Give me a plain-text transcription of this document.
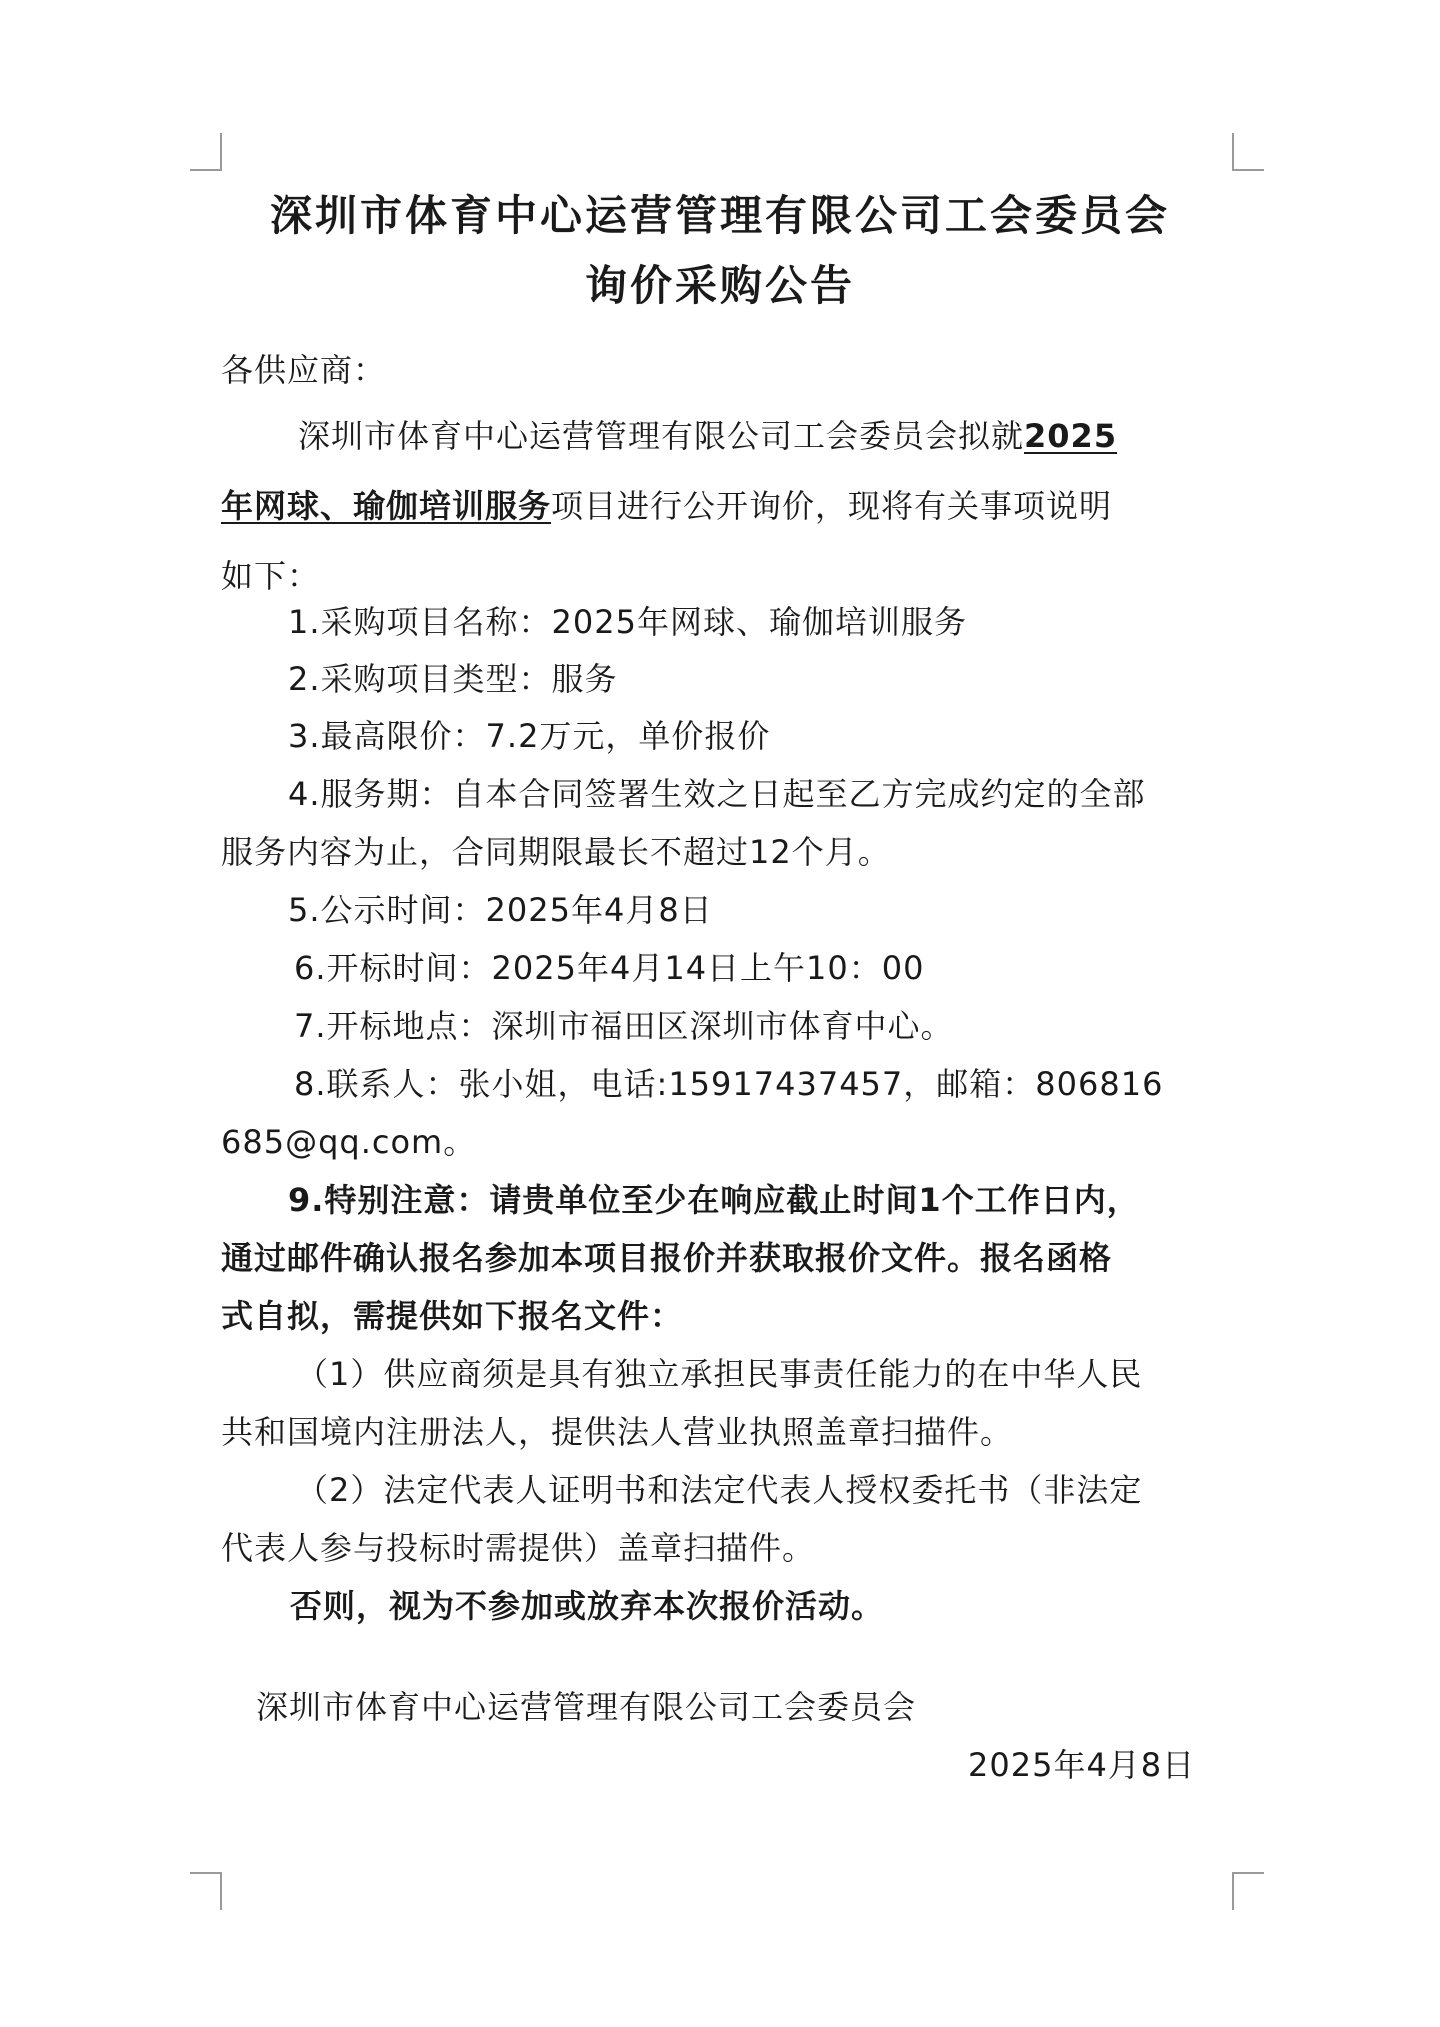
深圳市体育中心运营管理有限公司工会委员会
询价采购公告
各供应商：
深圳市体育中心运营管理有限公司工会委员会拟就2025
年网球、瑜伽培训服务项目进行公开询价，现将有关事项说明
如下：
1.采购项目名称：2025年网球、瑜伽培训服务
2.采购项目类型：服务
3.最高限价：7.2万元，单价报价
4.服务期：自本合同签署生效之日起至乙方完成约定的全部
服务内容为止，合同期限最长不超过12个月。
5.公示时间：2025年4月8日
6.开标时间：2025年4月14日上午10：00
7.开标地点：深圳市福田区深圳市体育中心。
8.联系人：张小姐，电话:15917437457，邮箱：806816
685@qq.com。
9.特别注意：请贵单位至少在响应截止时间1个工作日内，
通过邮件确认报名参加本项目报价并获取报价文件。报名函格
式自拟，需提供如下报名文件：
（1）供应商须是具有独立承担民事责任能力的在中华人民
共和国境内注册法人，提供法人营业执照盖章扫描件。
（2）法定代表人证明书和法定代表人授权委托书（非法定
代表人参与投标时需提供）盖章扫描件。
否则，视为不参加或放弃本次报价活动。
深圳市体育中心运营管理有限公司工会委员会
2025年4月8日
